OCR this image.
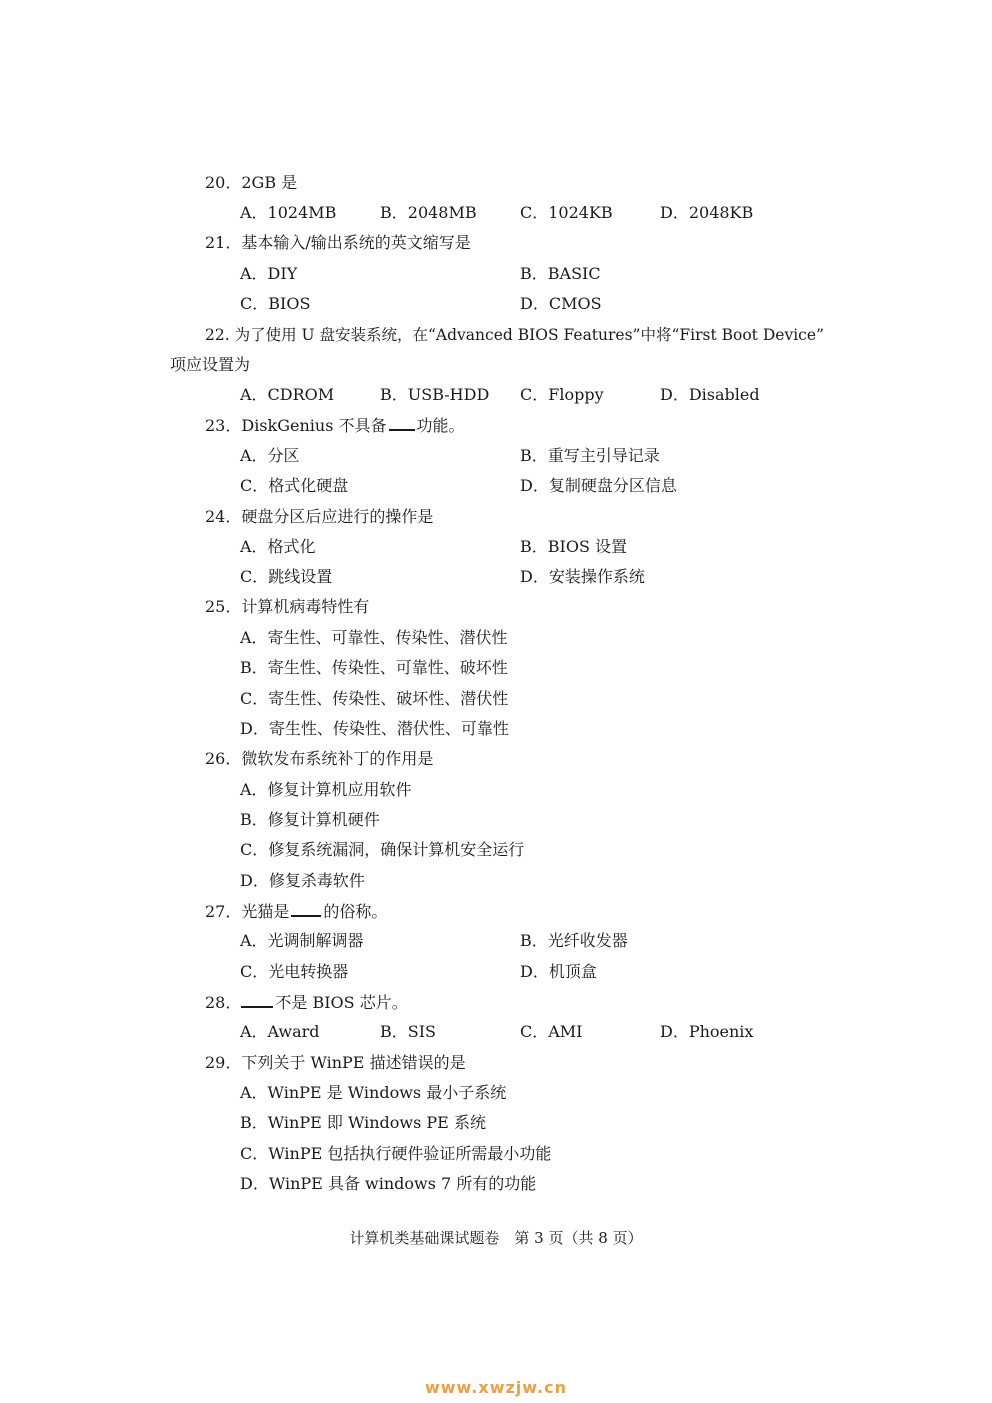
20．2GB 是
A．1024MB	B．2048MB	C．1024KB	D．2048KB
21．基本输入/输出系统的英文缩写是
A．DIY	B．BASIC
C．BIOS	D．CMOS
22. 为了使用 U 盘安装系统，在“Advanced BIOS Features”中将“First Boot Device”
项应设置为
A．CDROM	B．USB-HDD C．Floppy	D．Disabled
23．DiskGenius 不具备 功能。
A．分区	B．重写主引导记录
C．格式化硬盘	D．复制硬盘分区信息
24．硬盘分区后应进行的操作是
A．格式化	B．BIOS 设置
C．跳线设置	D．安装操作系统
25．计算机病毒特性有
A．寄生性、可靠性、传染性、潜伏性
B．寄生性、传染性、可靠性、破坏性
C．寄生性、传染性、破坏性、潜伏性
D．寄生性、传染性、潜伏性、可靠性
26．微软发布系统补丁的作用是
A．修复计算机应用软件
B．修复计算机硬件
C．修复系统漏洞，确保计算机安全运行
D．修复杀毒软件
27．光猫是 的俗称。
A．光调制解调器	B．光纤收发器
C．光电转换器	D．机顶盒
28． 不是 BIOS 芯片。
A．Award	B．SIS	C．AMI	D．Phoenix
29．下列关于 WinPE 描述错误的是
A．WinPE 是 Windows 最小子系统
B．WinPE 即 Windows PE 系统
C．WinPE 包括执行硬件验证所需最小功能
D．WinPE 具备 windows 7 所有的功能
计算机类基础课试题卷　第 3 页（共 8 页）
www.xwzjw.cn
